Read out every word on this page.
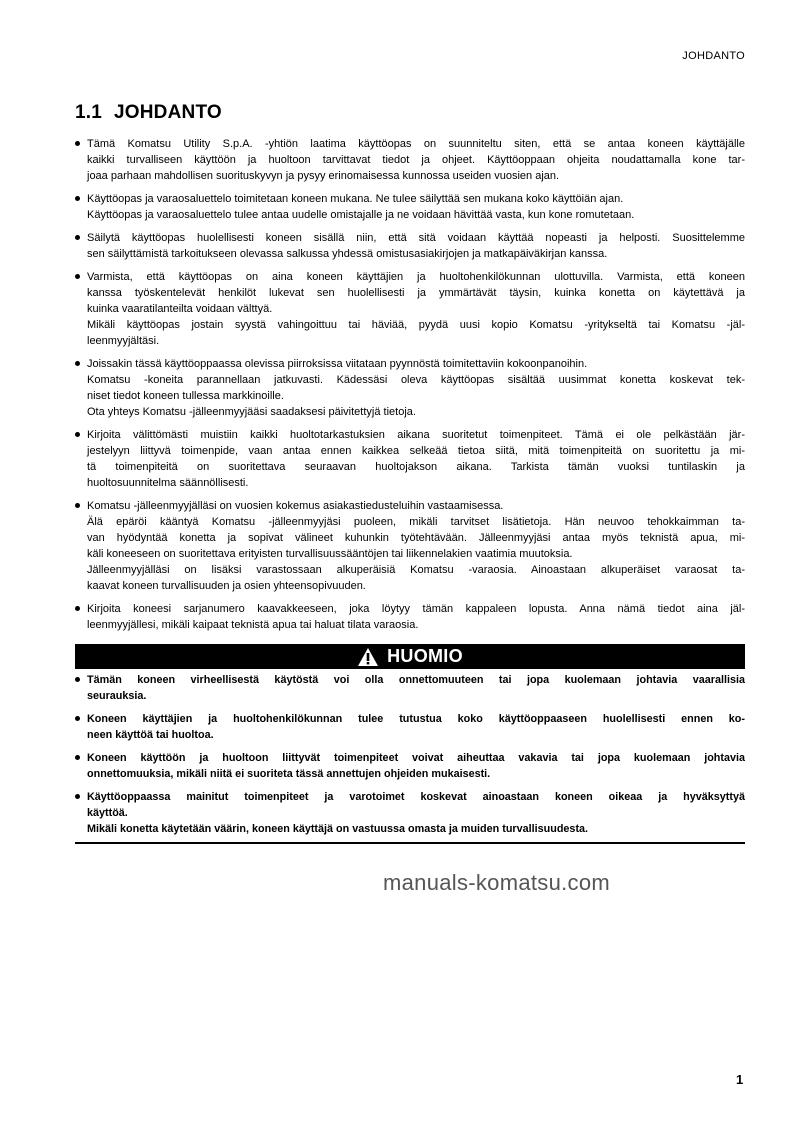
JOHDANTO
1.1 JOHDANTO
Tämä Komatsu Utility S.p.A. -yhtiön laatima käyttöopas on suunniteltu siten, että se antaa koneen käyttäjälle
kaikki turvalliseen käyttöön ja huoltoon tarvittavat tiedot ja ohjeet. Käyttöoppaan ohjeita noudattamalla kone tar-
joaa parhaan mahdollisen suorituskyvyn ja pysyy erinomaisessa kunnossa useiden vuosien ajan.
Käyttöopas ja varaosaluettelo toimitetaan koneen mukana. Ne tulee säilyttää sen mukana koko käyttöiän ajan.
Käyttöopas ja varaosaluettelo tulee antaa uudelle omistajalle ja ne voidaan hävittää vasta, kun kone romutetaan.
Säilytä käyttöopas huolellisesti koneen sisällä niin, että sitä voidaan käyttää nopeasti ja helposti. Suosittelemme
sen säilyttämistä tarkoitukseen olevassa salkussa yhdessä omistusasiakirjojen ja matkapäiväkirjan kanssa.
Varmista, että käyttöopas on aina koneen käyttäjien ja huoltohenkilökunnan ulottuvilla. Varmista, että koneen
kanssa työskentelevät henkilöt lukevat sen huolellisesti ja ymmärtävät täysin, kuinka konetta on käytettävä ja
kuinka vaaratilanteilta voidaan välttyä.
Mikäli käyttöopas jostain syystä vahingoittuu tai häviää, pyydä uusi kopio Komatsu -yritykseltä tai Komatsu -jäl-
leenmyyjältäsi.
Joissakin tässä käyttöoppaassa olevissa piirroksissa viitataan pyynnöstä toimitettaviin kokoonpanoihin.
Komatsu -koneita parannellaan jatkuvasti. Kädessäsi oleva käyttöopas sisältää uusimmat konetta koskevat tek-
niset tiedot koneen tullessa markkinoille.
Ota yhteys Komatsu -jälleenmyyjääsi saadaksesi päivitettyjä tietoja.
Kirjoita välittömästi muistiin kaikki huoltotarkastuksien aikana suoritetut toimenpiteet. Tämä ei ole pelkästään jär-
jestelyyn liittyvä toimenpide, vaan antaa ennen kaikkea selkeää tietoa siitä, mitä toimenpiteitä on suoritettu ja mi-
tä toimenpiteitä on suoritettava seuraavan huoltojakson aikana. Tarkista tämän vuoksi tuntilaskin ja
huoltosuunnitelma säännöllisesti.
Komatsu -jälleenmyyjälläsi on vuosien kokemus asiakastiedusteluihin vastaamisessa.
Älä epäröi kääntyä Komatsu -jälleenmyyjäsi puoleen, mikäli tarvitset lisätietoja. Hän neuvoo tehokkaimman ta-
van hyödyntää konetta ja sopivat välineet kuhunkin työtehtävään. Jälleenmyyjäsi antaa myös teknistä apua, mi-
käli koneeseen on suoritettava erityisten turvallisuussääntöjen tai liikennelakien vaatimia muutoksia.
Jälleenmyyjälläsi on lisäksi varastossaan alkuperäisiä Komatsu -varaosia. Ainoastaan alkuperäiset varaosat ta-
kaavat koneen turvallisuuden ja osien yhteensopivuuden.
Kirjoita koneesi sarjanumero kaavakkeeseen, joka löytyy tämän kappaleen lopusta. Anna nämä tiedot aina jäl-
leenmyyjällesi, mikäli kaipaat teknistä apua tai haluat tilata varaosia.
HUOMIO
Tämän koneen virheellisestä käytöstä voi olla onnettomuuteen tai jopa kuolemaan johtavia vaarallisia
seurauksia.
Koneen käyttäjien ja huoltohenkilökunnan tulee tutustua koko käyttöoppaaseen huolellisesti ennen ko-
neen käyttöä tai huoltoa.
Koneen käyttöön ja huoltoon liittyvät toimenpiteet voivat aiheuttaa vakavia tai jopa kuolemaan johtavia
onnettomuuksia, mikäli niitä ei suoriteta tässä annettujen ohjeiden mukaisesti.
Käyttöoppaassa mainitut toimenpiteet ja varotoimet koskevat ainoastaan koneen oikeaa ja hyväksyttyä
käyttöä.
Mikäli konetta käytetään väärin, koneen käyttäjä on vastuussa omasta ja muiden turvallisuudesta.
manuals-komatsu.com
1
